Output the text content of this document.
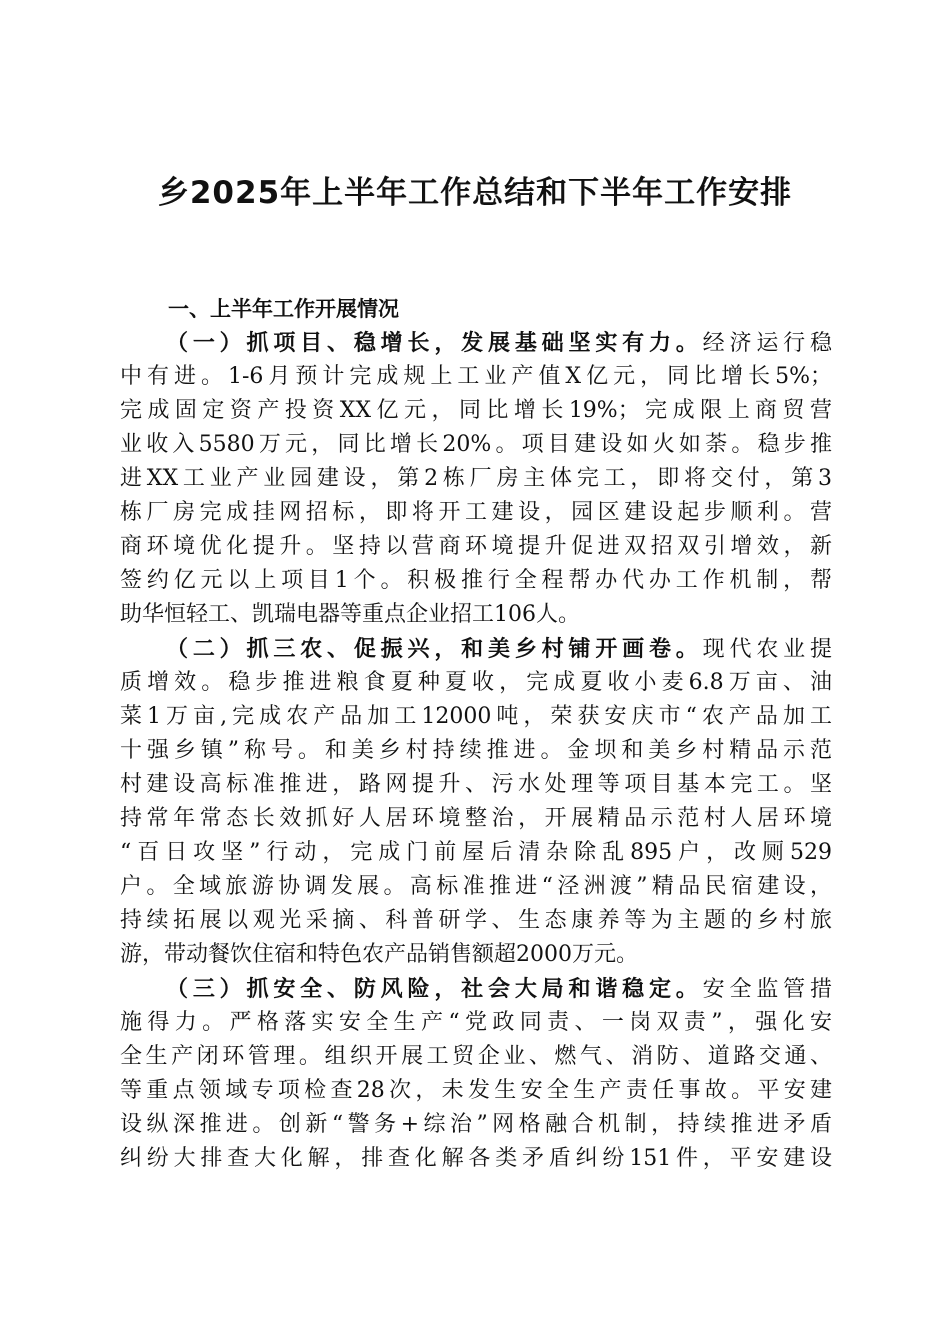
乡2025年上半年工作总结和下半年工作安排
一、上半年工作开展情况
（一）抓项目、稳增长，发展基础坚实有力。经济运行稳
中有进。1-6月预计完成规上工业产值X亿元，同比增长5%；
完成固定资产投资XX亿元，同比增长19%；完成限上商贸营
业收入5580万元，同比增长20%。项目建设如火如荼。稳步推
进XX工业产业园建设，第2栋厂房主体完工，即将交付，第3
栋厂房完成挂网招标，即将开工建设，园区建设起步顺利。营
商环境优化提升。坚持以营商环境提升促进双招双引增效，新
签约亿元以上项目1个。积极推行全程帮办代办工作机制，帮
助华恒轻工、凯瑞电器等重点企业招工106人。
（二）抓三农、促振兴，和美乡村铺开画卷。现代农业提
质增效。稳步推进粮食夏种夏收，完成夏收小麦6.8万亩、油
菜1万亩,完成农产品加工12000吨，荣获安庆市“农产品加工
十强乡镇”称号。和美乡村持续推进。金坝和美乡村精品示范
村建设高标准推进，路网提升、污水处理等项目基本完工。坚
持常年常态长效抓好人居环境整治，开展精品示范村人居环境
“百日攻坚”行动，完成门前屋后清杂除乱895户，改厕529
户。全域旅游协调发展。高标准推进“泾洲渡”精品民宿建设，
持续拓展以观光采摘、科普研学、生态康养等为主题的乡村旅
游，带动餐饮住宿和特色农产品销售额超2000万元。
（三）抓安全、防风险，社会大局和谐稳定。安全监管措
施得力。严格落实安全生产“党政同责、一岗双责”，强化安
全生产闭环管理。组织开展工贸企业、燃气、消防、道路交通、
等重点领域专项检查28次，未发生安全生产责任事故。平安建
设纵深推进。创新“警务+综治”网格融合机制，持续推进矛盾
纠纷大排查大化解，排查化解各类矛盾纠纷151件，平安建设
